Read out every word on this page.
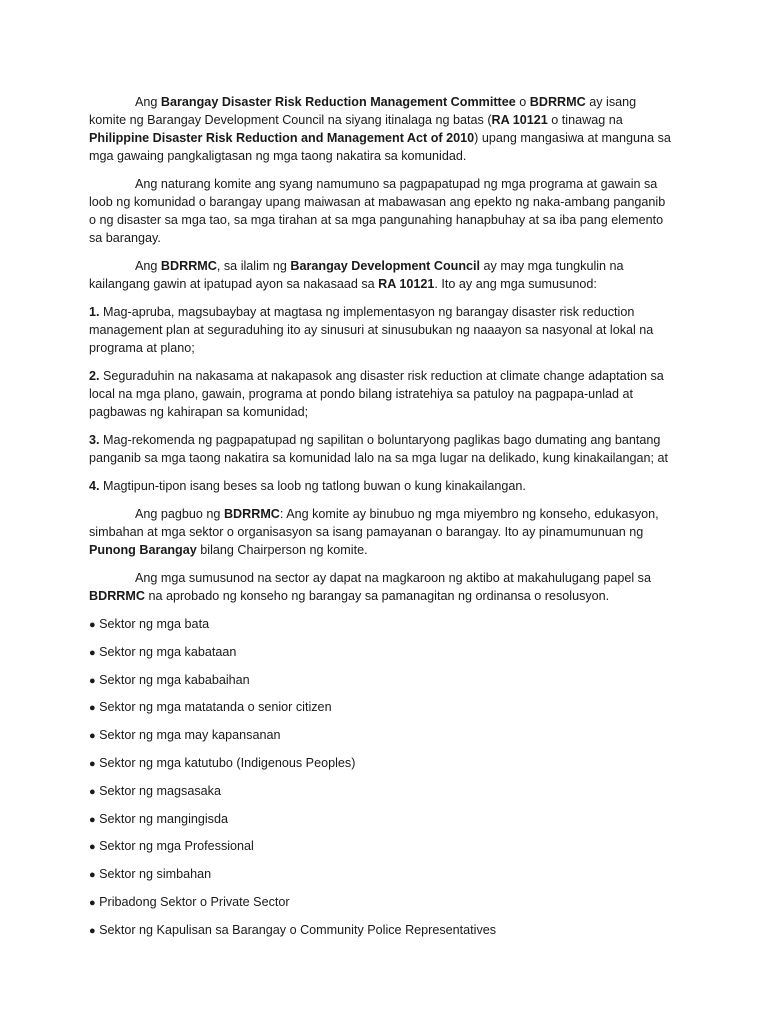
Ang Barangay Disaster Risk Reduction Management Committee o BDRRMC ay isang komite ng Barangay Development Council na siyang itinalaga ng batas (RA 10121 o tinawag na Philippine Disaster Risk Reduction and Management Act of 2010) upang mangasiwa at manguna sa mga gawaing pangkaligtasan ng mga taong nakatira sa komunidad.

Ang naturang komite ang syang namumuno sa pagpapatupad ng mga programa at gawain sa loob ng komunidad o barangay upang maiwasan at mabawasan ang epekto ng naka-ambang panganib o ng disaster sa mga tao, sa mga tirahan at sa mga pangunahing hanapbuhay at sa iba pang elemento sa barangay.

Ang BDRRMC, sa ilalim ng Barangay Development Council ay may mga tungkulin na kailangang gawin at ipatupad ayon sa nakasaad sa RA 10121. Ito ay ang mga sumusunod:

1. Mag-apruba, magsubaybay at magtasa ng implementasyon ng barangay disaster risk reduction management plan at seguraduhing ito ay sinusuri at sinusubukan ng naaayon sa nasyonal at lokal na programa at plano;

2. Seguraduhin na nakasama at nakapasok ang disaster risk reduction at climate change adaptation sa local na mga plano, gawain, programa at pondo bilang istratehiya sa patuloy na pagpapa-unlad at pagbawas ng kahirapan sa komunidad;

3. Mag-rekomenda ng pagpapatupad ng sapilitan o boluntaryong paglikas bago dumating ang bantang panganib sa mga taong nakatira sa komunidad lalo na sa mga lugar na delikado, kung kinakailangan; at

4. Magtipun-tipon isang beses sa loob ng tatlong buwan o kung kinakailangan.

Ang pagbuo ng BDRRMC: Ang komite ay binubuo ng mga miyembro ng konseho, edukasyon, simbahan at mga sektor o organisasyon sa isang pamayanan o barangay. Ito ay pinamumunuan ng Punong Barangay bilang Chairperson ng komite.

Ang mga sumusunod na sector ay dapat na magkaroon ng aktibo at makahulugang papel sa BDRRMC na aprobado ng konseho ng barangay sa pamanagitan ng ordinansa o resolusyon.

● Sektor ng mga bata
● Sektor ng mga kabataan
● Sektor ng mga kababaihan
● Sektor ng mga matatanda o senior citizen
● Sektor ng mga may kapansanan
● Sektor ng mga katutubo (Indigenous Peoples)
● Sektor ng magsasaka
● Sektor ng mangingisda
● Sektor ng mga Professional
● Sektor ng simbahan
● Pribadong Sektor o Private Sector
● Sektor ng Kapulisan sa Barangay o Community Police Representatives
